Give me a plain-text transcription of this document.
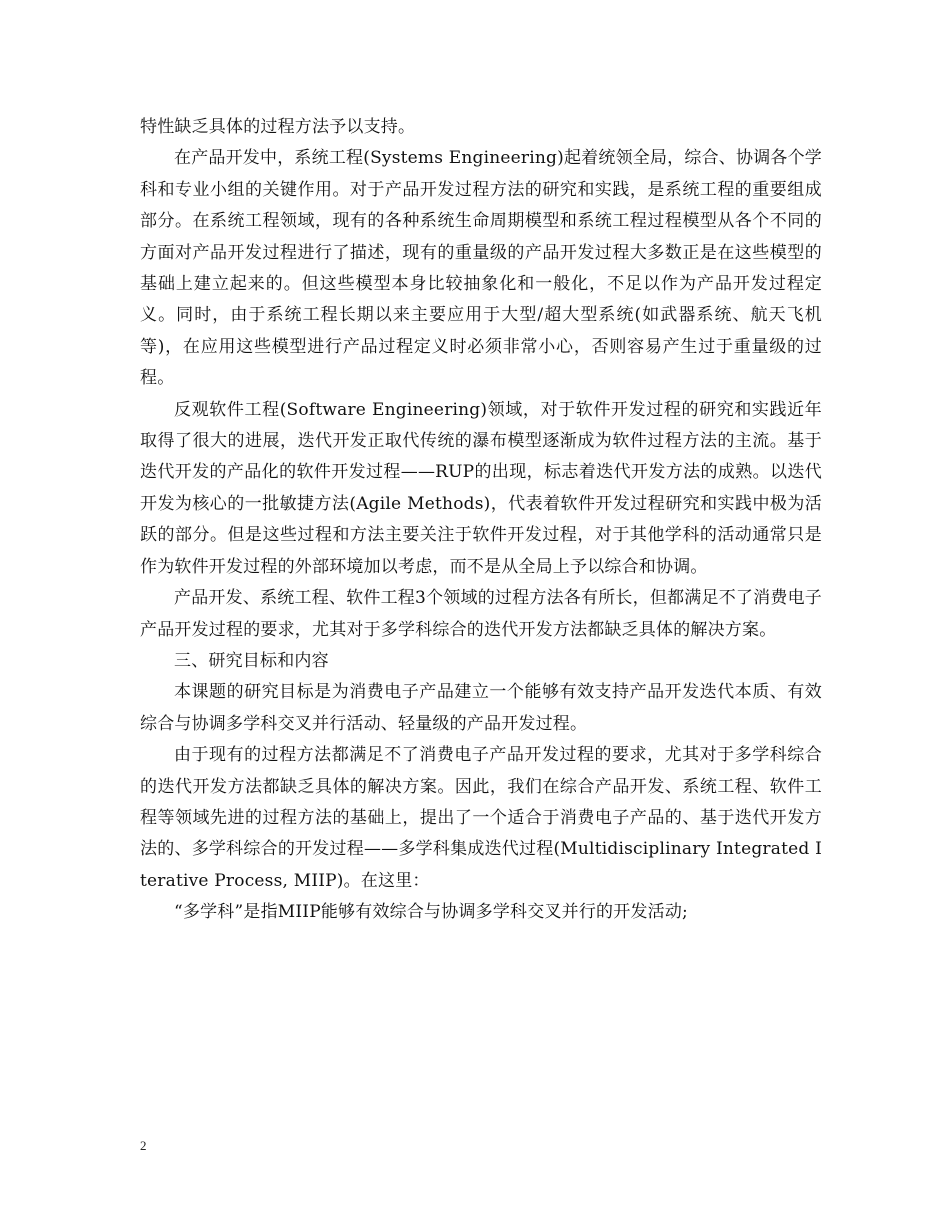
特性缺乏具体的过程方法予以支持。

在产品开发中，系统工程(Systems Engineering)起着统领全局，综合、协调各个学科和专业小组的关键作用。对于产品开发过程方法的研究和实践，是系统工程的重要组成部分。在系统工程领域，现有的各种系统生命周期模型和系统工程过程模型从各个不同的方面对产品开发过程进行了描述，现有的重量级的产品开发过程大多数正是在这些模型的基础上建立起来的。但这些模型本身比较抽象化和一般化，不足以作为产品开发过程定义。同时，由于系统工程长期以来主要应用于大型/超大型系统(如武器系统、航天飞机等)，在应用这些模型进行产品过程定义时必须非常小心，否则容易产生过于重量级的过程。

反观软件工程(Software Engineering)领域，对于软件开发过程的研究和实践近年取得了很大的进展，迭代开发正取代传统的瀑布模型逐渐成为软件过程方法的主流。基于迭代开发的产品化的软件开发过程——RUP的出现，标志着迭代开发方法的成熟。以迭代开发为核心的一批敏捷方法(Agile Methods)，代表着软件开发过程研究和实践中极为活跃的部分。但是这些过程和方法主要关注于软件开发过程，对于其他学科的活动通常只是作为软件开发过程的外部环境加以考虑，而不是从全局上予以综合和协调。

产品开发、系统工程、软件工程3个领域的过程方法各有所长，但都满足不了消费电子产品开发过程的要求，尤其对于多学科综合的迭代开发方法都缺乏具体的解决方案。

三、研究目标和内容

本课题的研究目标是为消费电子产品建立一个能够有效支持产品开发迭代本质、有效综合与协调多学科交叉并行活动、轻量级的产品开发过程。

由于现有的过程方法都满足不了消费电子产品开发过程的要求，尤其对于多学科综合的迭代开发方法都缺乏具体的解决方案。因此，我们在综合产品开发、系统工程、软件工程等领域先进的过程方法的基础上，提出了一个适合于消费电子产品的、基于迭代开发方法的、多学科综合的开发过程——多学科集成迭代过程(Multidisciplinary Integrated Iterative Process, MIIP)。在这里：

“多学科”是指MIIP能够有效综合与协调多学科交叉并行的开发活动;

2
